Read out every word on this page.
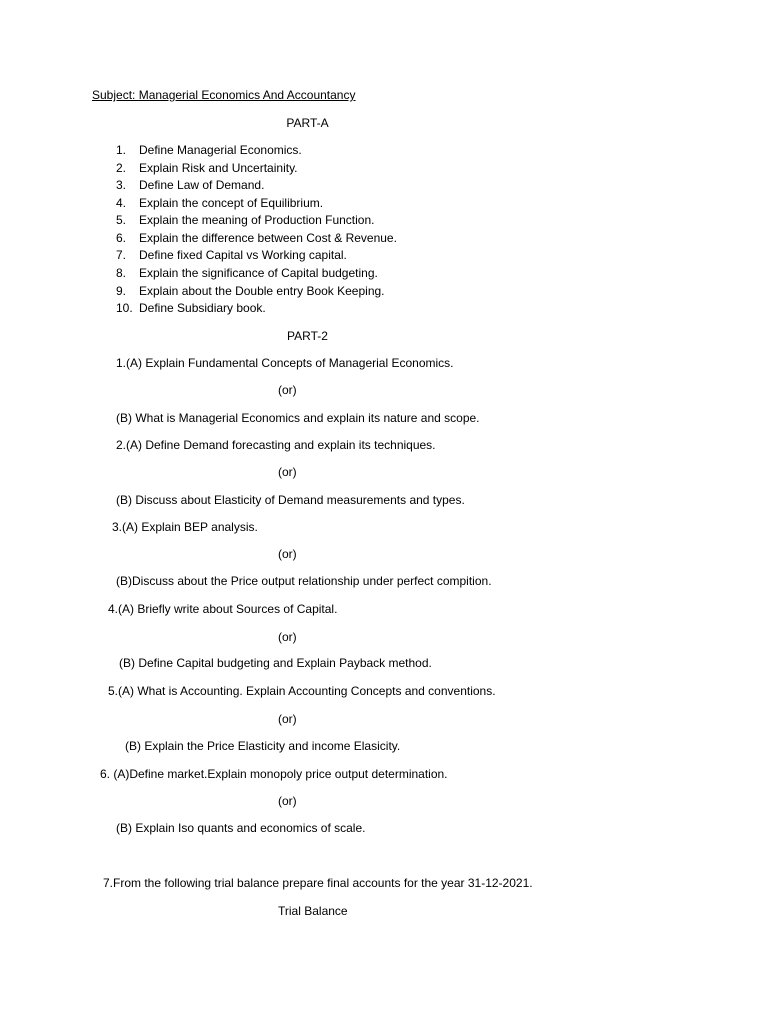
Subject: Managerial Economics And Accountancy
PART-A
1.	Define Managerial Economics.
2.	Explain Risk and Uncertainity.
3.	Define Law of Demand.
4.	Explain the concept of Equilibrium.
5.	Explain the meaning of Production Function.
6.	Explain the difference between Cost & Revenue.
7.	Define fixed Capital vs Working capital.
8.	Explain the significance of Capital budgeting.
9.	Explain about the Double entry Book Keeping.
10. Define Subsidiary book.
PART-2
1.(A) Explain Fundamental Concepts of Managerial Economics.
(or)
(B) What is Managerial Economics and explain its nature and scope.
2.(A) Define Demand forecasting and explain its techniques.
(or)
(B) Discuss about Elasticity of Demand measurements and types.
3.(A) Explain BEP analysis.
(or)
(B)Discuss about the Price output relationship under perfect compition.
4.(A) Briefly write about Sources of Capital.
(or)
(B) Define Capital budgeting and Explain Payback method.
5.(A) What is Accounting. Explain Accounting Concepts and conventions.
(or)
(B) Explain the Price Elasticity and income Elasicity.
6. (A)Define market.Explain monopoly price output determination.
(or)
(B) Explain Iso quants and economics of scale.
7.From the following trial balance prepare final accounts for the year 31-12-2021.
Trial Balance
